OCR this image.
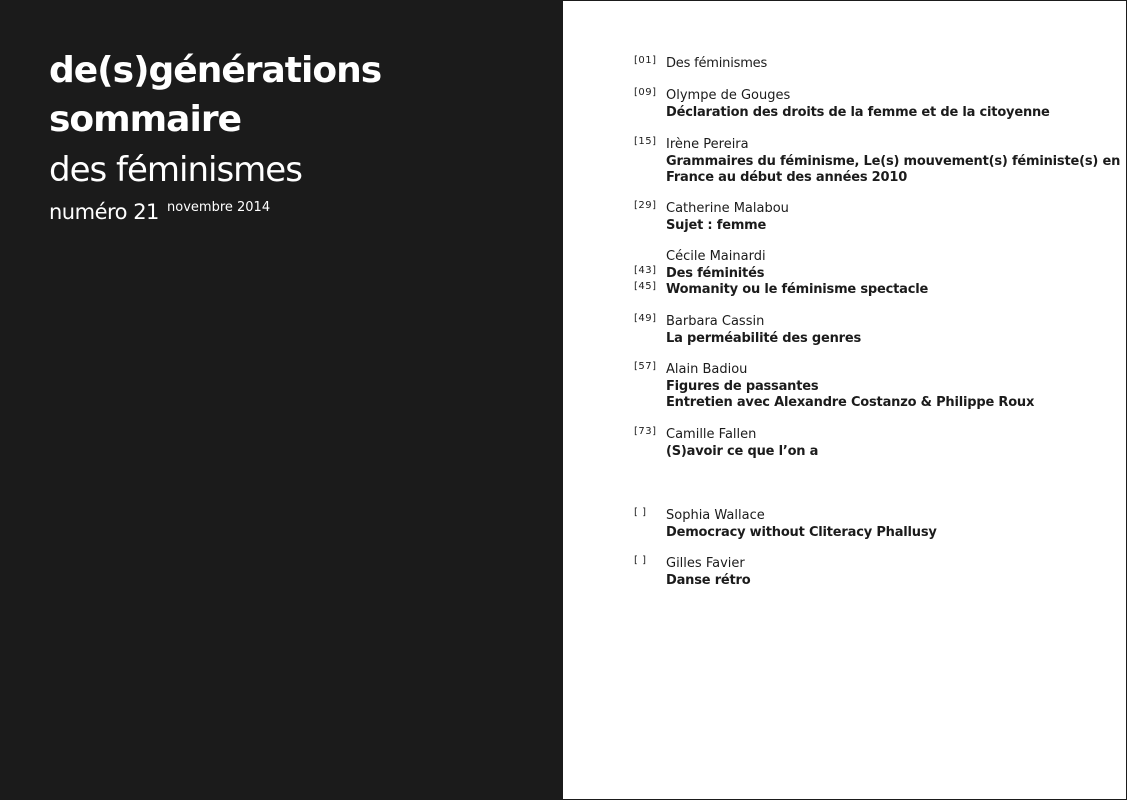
de(s)générations
sommaire
des féminismes
numéro 21 $^{novembre 2014}$
[01] Des féminismes
[09] Olympe de Gouges
Déclaration des droits de la femme et de la citoyenne
[15] Irène Pereira
Grammaires du féminisme, Le(s) mouvement(s) féministe(s) en
France au début des années 2010
[29] Catherine Malabou
Sujet : femme
Cécile Mainardi
[43] Des féminités
[45] Womanity ou le féminisme spectacle
[49] Barbara Cassin
La perméabilité des genres
[57] Alain Badiou
Figures de passantes
Entretien avec Alexandre Costanzo & Philippe Roux
[73] Camille Fallen
(S)avoir ce que l’on a
[ ] Sophia Wallace
Democracy without Cliteracy Phallusy
[ ] Gilles Favier
Danse rétro
